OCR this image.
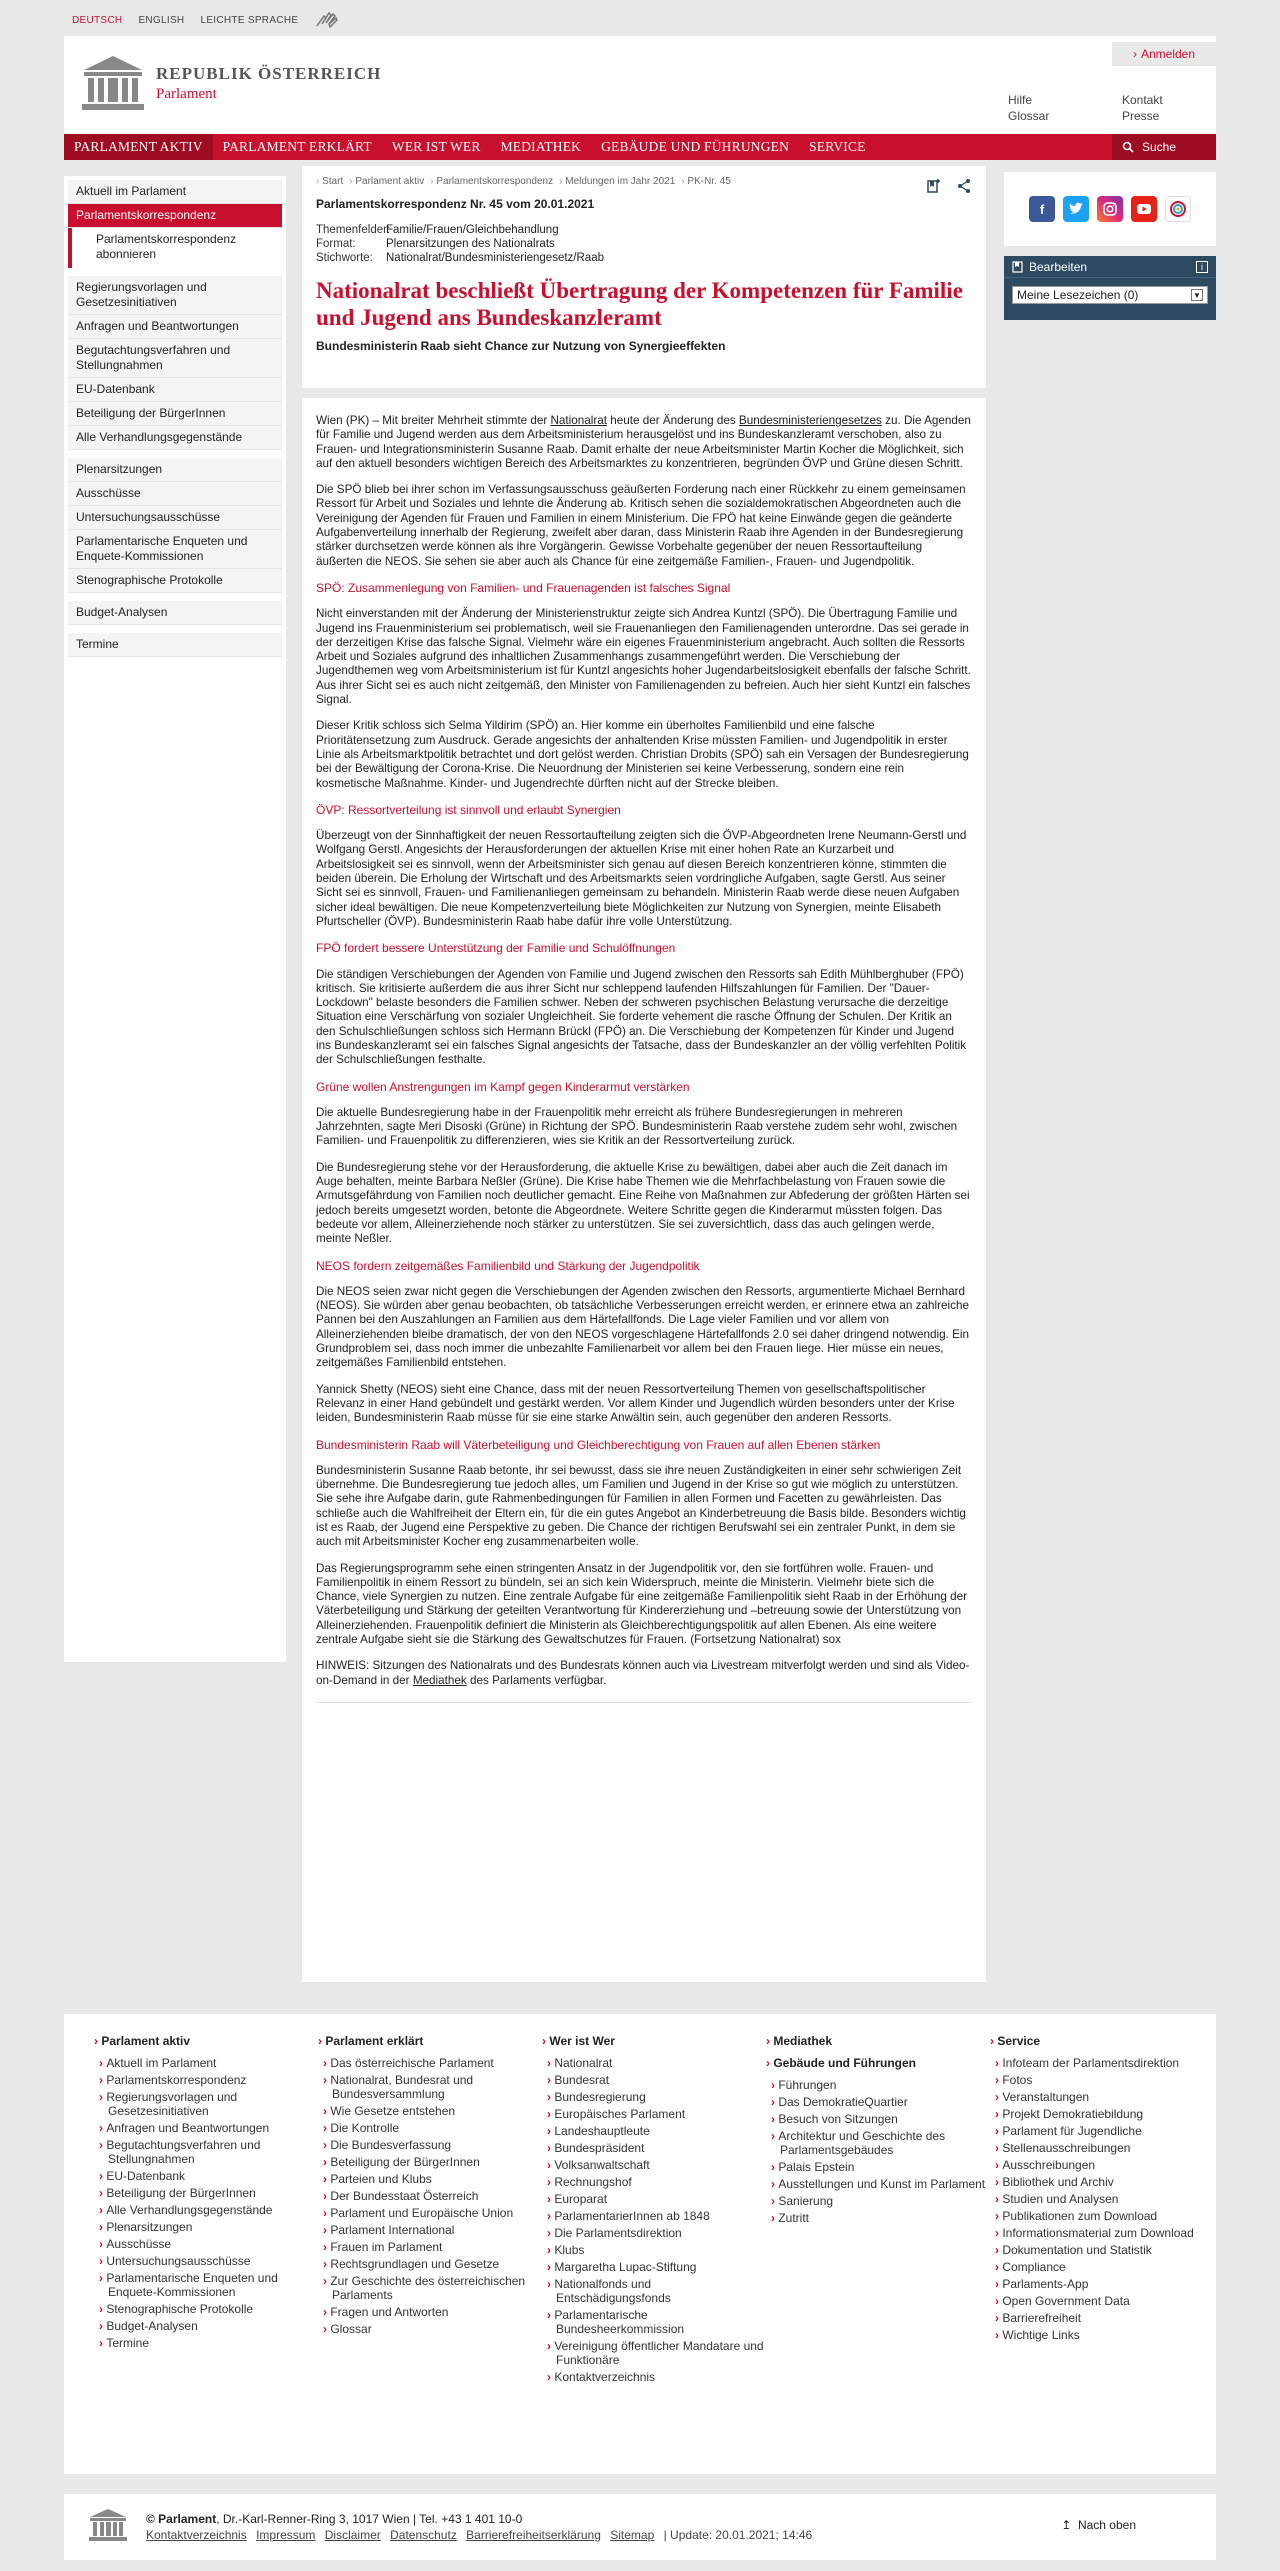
DEUTSCH ENGLISH LEICHTE SPRACHE
REPUBLIK ÖSTERREICH
Parlament
› Anmelden
Hilfe
Glossar
Kontakt
Presse
PARLAMENT AKTIV	PARLAMENT ERKLÄRT	WER IST WER	MEDIATHEK	GEBÄUDE UND FÜHRUNGEN	SERVICE	Suche
Aktuell im Parlament
Parlamentskorrespondenz
Parlamentskorrespondenz abonnieren
Regierungsvorlagen und Gesetzesinitiativen
Anfragen und Beantwortungen
Begutachtungsverfahren und Stellungnahmen
EU-Datenbank
Beteiligung der BürgerInnen
Alle Verhandlungsgegenstände
Plenarsitzungen
Ausschüsse
Untersuchungsausschüsse
Parlamentarische Enqueten und Enquete-Kommissionen
Stenographische Protokolle
Budget-Analysen
Termine
› Start	› Parlament aktiv	› Parlamentskorrespondenz	› Meldungen im Jahr 2021	› PK-Nr. 45
Parlamentskorrespondenz Nr. 45 vom 20.01.2021
Themenfelder:
Familie/Frauen/Gleichbehandlung
Format:	Plenarsitzungen des Nationalrats
Stichworte:	Nationalrat/Bundesministeriengesetz/Raab
Nationalrat beschließt Übertragung der Kompetenzen für Familie und Jugend ans Bundeskanzleramt
Bundesministerin Raab sieht Chance zur Nutzung von Synergieeffekten

Wien (PK) – Mit breiter Mehrheit stimmte der Nationalrat heute der Änderung des Bundesministeriengesetzes zu. Die Agenden für Familie und Jugend werden aus dem Arbeitsministerium herausgelöst und ins Bundeskanzleramt verschoben, also zu Frauen- und Integrationsministerin Susanne Raab. Damit erhalte der neue Arbeitsminister Martin Kocher die Möglichkeit, sich auf den aktuell besonders wichtigen Bereich des Arbeitsmarktes zu konzentrieren, begründen ÖVP und Grüne diesen Schritt.

Die SPÖ blieb bei ihrer schon im Verfassungsausschuss geäußerten Forderung nach einer Rückkehr zu einem gemeinsamen Ressort für Arbeit und Soziales und lehnte die Änderung ab. Kritisch sehen die sozialdemokratischen Abgeordneten auch die Vereinigung der Agenden für Frauen und Familien in einem Ministerium. Die FPÖ hat keine Einwände gegen die geänderte Aufgabenverteilung innerhalb der Regierung, zweifelt aber daran, dass Ministerin Raab ihre Agenden in der Bundesregierung stärker durchsetzen werde können als ihre Vorgängerin. Gewisse Vorbehalte gegenüber der neuen Ressortaufteilung äußerten die NEOS. Sie sehen sie aber auch als Chance für eine zeitgemäße Familien-, Frauen- und Jugendpolitik.

SPÖ: Zusammenlegung von Familien- und Frauenagenden ist falsches Signal

Nicht einverstanden mit der Änderung der Ministerienstruktur zeigte sich Andrea Kuntzl (SPÖ). Die Übertragung Familie und Jugend ins Frauenministerium sei problematisch, weil sie Frauenanliegen den Familienagenden unterordne. Das sei gerade in der derzeitigen Krise das falsche Signal. Vielmehr wäre ein eigenes Frauenministerium angebracht. Auch sollten die Ressorts Arbeit und Soziales aufgrund des inhaltlichen Zusammenhangs zusammengeführt werden. Die Verschiebung der Jugendthemen weg vom Arbeitsministerium ist für Kuntzl angesichts hoher Jugendarbeitslosigkeit ebenfalls der falsche Schritt. Aus ihrer Sicht sei es auch nicht zeitgemäß, den Minister von Familienagenden zu befreien. Auch hier sieht Kuntzl ein falsches Signal.

Dieser Kritik schloss sich Selma Yildirim (SPÖ) an. Hier komme ein überholtes Familienbild und eine falsche Prioritätensetzung zum Ausdruck. Gerade angesichts der anhaltenden Krise müssten Familien- und Jugendpolitik in erster Linie als Arbeitsmarktpolitik betrachtet und dort gelöst werden. Christian Drobits (SPÖ) sah ein Versagen der Bundesregierung bei der Bewältigung der Corona-Krise. Die Neuordnung der Ministerien sei keine Verbesserung, sondern eine rein kosmetische Maßnahme. Kinder- und Jugendrechte dürften nicht auf der Strecke bleiben.

ÖVP: Ressortverteilung ist sinnvoll und erlaubt Synergien

Überzeugt von der Sinnhaftigkeit der neuen Ressortaufteilung zeigten sich die ÖVP-Abgeordneten Irene Neumann-Gerstl und Wolfgang Gerstl. Angesichts der Herausforderungen der aktuellen Krise mit einer hohen Rate an Kurzarbeit und Arbeitslosigkeit sei es sinnvoll, wenn der Arbeitsminister sich genau auf diesen Bereich konzentrieren könne, stimmten die beiden überein. Die Erholung der Wirtschaft und des Arbeitsmarkts seien vordringliche Aufgaben, sagte Gerstl. Aus seiner Sicht sei es sinnvoll, Frauen- und Familienanliegen gemeinsam zu behandeln. Ministerin Raab werde diese neuen Aufgaben sicher ideal bewältigen. Die neue Kompetenzverteilung biete Möglichkeiten zur Nutzung von Synergien, meinte Elisabeth Pfurtscheller (ÖVP). Bundesministerin Raab habe dafür ihre volle Unterstützung.

FPÖ fordert bessere Unterstützung der Familie und Schulöffnungen

Die ständigen Verschiebungen der Agenden von Familie und Jugend zwischen den Ressorts sah Edith Mühlberghuber (FPÖ) kritisch. Sie kritisierte außerdem die aus ihrer Sicht nur schleppend laufenden Hilfszahlungen für Familien. Der "Dauer-Lockdown" belaste besonders die Familien schwer. Neben der schweren psychischen Belastung verursache die derzeitige Situation eine Verschärfung von sozialer Ungleichheit. Sie forderte vehement die rasche Öffnung der Schulen. Der Kritik an den Schulschließungen schloss sich Hermann Brückl (FPÖ) an. Die Verschiebung der Kompetenzen für Kinder und Jugend ins Bundeskanzleramt sei ein falsches Signal angesichts der Tatsache, dass der Bundeskanzler an der völlig verfehlten Politik der Schulschließungen festhalte.

Grüne wollen Anstrengungen im Kampf gegen Kinderarmut verstärken

Die aktuelle Bundesregierung habe in der Frauenpolitik mehr erreicht als frühere Bundesregierungen in mehreren Jahrzehnten, sagte Meri Disoski (Grüne) in Richtung der SPÖ. Bundesministerin Raab verstehe zudem sehr wohl, zwischen Familien- und Frauenpolitik zu differenzieren, wies sie Kritik an der Ressortverteilung zurück.

Die Bundesregierung stehe vor der Herausforderung, die aktuelle Krise zu bewältigen, dabei aber auch die Zeit danach im Auge behalten, meinte Barbara Neßler (Grüne). Die Krise habe Themen wie die Mehrfachbelastung von Frauen sowie die Armutsgefährdung von Familien noch deutlicher gemacht. Eine Reihe von Maßnahmen zur Abfederung der größten Härten sei jedoch bereits umgesetzt worden, betonte die Abgeordnete. Weitere Schritte gegen die Kinderarmut müssten folgen. Das bedeute vor allem, Alleinerziehende noch stärker zu unterstützen. Sie sei zuversichtlich, dass das auch gelingen werde, meinte Neßler.

NEOS fordern zeitgemäßes Familienbild und Stärkung der Jugendpolitik

Die NEOS seien zwar nicht gegen die Verschiebungen der Agenden zwischen den Ressorts, argumentierte Michael Bernhard (NEOS). Sie würden aber genau beobachten, ob tatsächliche Verbesserungen erreicht werden, er erinnere etwa an zahlreiche Pannen bei den Auszahlungen an Familien aus dem Härtefallfonds. Die Lage vieler Familien und vor allem von Alleinerziehenden bleibe dramatisch, der von den NEOS vorgeschlagene Härtefallfonds 2.0 sei daher dringend notwendig. Ein Grundproblem sei, dass noch immer die unbezahlte Familienarbeit vor allem bei den Frauen liege. Hier müsse ein neues, zeitgemäßes Familienbild entstehen.

Yannick Shetty (NEOS) sieht eine Chance, dass mit der neuen Ressortverteilung Themen von gesellschaftspolitischer Relevanz in einer Hand gebündelt und gestärkt werden. Vor allem Kinder und Jugendlich würden besonders unter der Krise leiden, Bundesministerin Raab müsse für sie eine starke Anwältin sein, auch gegenüber den anderen Ressorts.

Bundesministerin Raab will Väterbeteiligung und Gleichberechtigung von Frauen auf allen Ebenen stärken

Bundesministerin Susanne Raab betonte, ihr sei bewusst, dass sie ihre neuen Zuständigkeiten in einer sehr schwierigen Zeit übernehme. Die Bundesregierung tue jedoch alles, um Familien und Jugend in der Krise so gut wie möglich zu unterstützen. Sie sehe ihre Aufgabe darin, gute Rahmenbedingungen für Familien in allen Formen und Facetten zu gewährleisten. Das schließe auch die Wahlfreiheit der Eltern ein, für die ein gutes Angebot an Kinderbetreuung die Basis bilde. Besonders wichtig ist es Raab, der Jugend eine Perspektive zu geben. Die Chance der richtigen Berufswahl sei ein zentraler Punkt, in dem sie auch mit Arbeitsminister Kocher eng zusammenarbeiten wolle.

Das Regierungsprogramm sehe einen stringenten Ansatz in der Jugendpolitik vor, den sie fortführen wolle. Frauen- und Familienpolitik in einem Ressort zu bündeln, sei an sich kein Widerspruch, meinte die Ministerin. Vielmehr biete sich die Chance, viele Synergien zu nutzen. Eine zentrale Aufgabe für eine zeitgemäße Familienpolitik sieht Raab in der Erhöhung der Väterbeteiligung und Stärkung der geteilten Verantwortung für Kindererziehung und –betreuung sowie der Unterstützung von Alleinerziehenden. Frauenpolitik definiert die Ministerin als Gleichberechtigungspolitik auf allen Ebenen. Als eine weitere zentrale Aufgabe sieht sie die Stärkung des Gewaltschutzes für Frauen. (Fortsetzung Nationalrat) sox

HINWEIS: Sitzungen des Nationalrats und des Bundesrats können auch via Livestream mitverfolgt werden und sind als Video-on-Demand in der Mediathek des Parlaments verfügbar.

f
Bearbeiten	i
Meine Lesezeichen (0)	▼
› Parlament aktiv
› Aktuell im Parlament
› Parlamentskorrespondenz
› Regierungsvorlagen und Gesetzesinitiativen
› Anfragen und Beantwortungen
› Begutachtungsverfahren und Stellungnahmen
› EU-Datenbank
› Beteiligung der BürgerInnen
› Alle Verhandlungsgegenstände
› Plenarsitzungen
› Ausschüsse
› Untersuchungsausschüsse
› Parlamentarische Enqueten und Enquete-Kommissionen
› Stenographische Protokolle
› Budget-Analysen
› Termine
› Parlament erklärt
› Das österreichische Parlament
› Nationalrat, Bundesrat und Bundesversammlung
› Wie Gesetze entstehen
› Die Kontrolle
› Die Bundesverfassung
› Beteiligung der BürgerInnen
› Parteien und Klubs
› Der Bundesstaat Österreich
› Parlament und Europäische Union
› Parlament International
› Frauen im Parlament
› Rechtsgrundlagen und Gesetze
› Zur Geschichte des österreichischen Parlaments
› Fragen und Antworten
› Glossar
› Wer ist Wer
› Nationalrat
› Bundesrat
› Bundesregierung
› Europäisches Parlament
› Landeshauptleute
› Bundespräsident
› Volksanwaltschaft
› Rechnungshof
› Europarat
› ParlamentarierInnen ab 1848
› Die Parlamentsdirektion
› Klubs
› Margaretha Lupac-Stiftung
› Nationalfonds und Entschädigungsfonds
› Parlamentarische Bundesheerkommission
› Vereinigung öffentlicher Mandatare und Funktionäre
› Kontaktverzeichnis
› Mediathek
› Gebäude und Führungen
› Führungen
› Das DemokratieQuartier
› Besuch von Sitzungen
› Architektur und Geschichte des Parlamentsgebäudes
› Palais Epstein
› Ausstellungen und Kunst im Parlament
› Sanierung
› Zutritt
› Service
› Infoteam der Parlamentsdirektion
› Fotos
› Veranstaltungen
› Projekt Demokratiebildung
› Parlament für Jugendliche
› Stellenausschreibungen
› Ausschreibungen
› Bibliothek und Archiv
› Studien und Analysen
› Publikationen zum Download
› Informationsmaterial zum Download
› Dokumentation und Statistik
› Compliance
› Parlaments-App
› Open Government Data
› Barrierefreiheit
› Wichtige Links
© Parlament, Dr.-Karl-Renner-Ring 3, 1017 Wien | Tel. +43 1 401 10-0
Kontaktverzeichnis Impressum Disclaimer Datenschutz Barrierefreiheitserklärung Sitemap | Update: 20.01.2021; 14:46
↥ Nach oben
